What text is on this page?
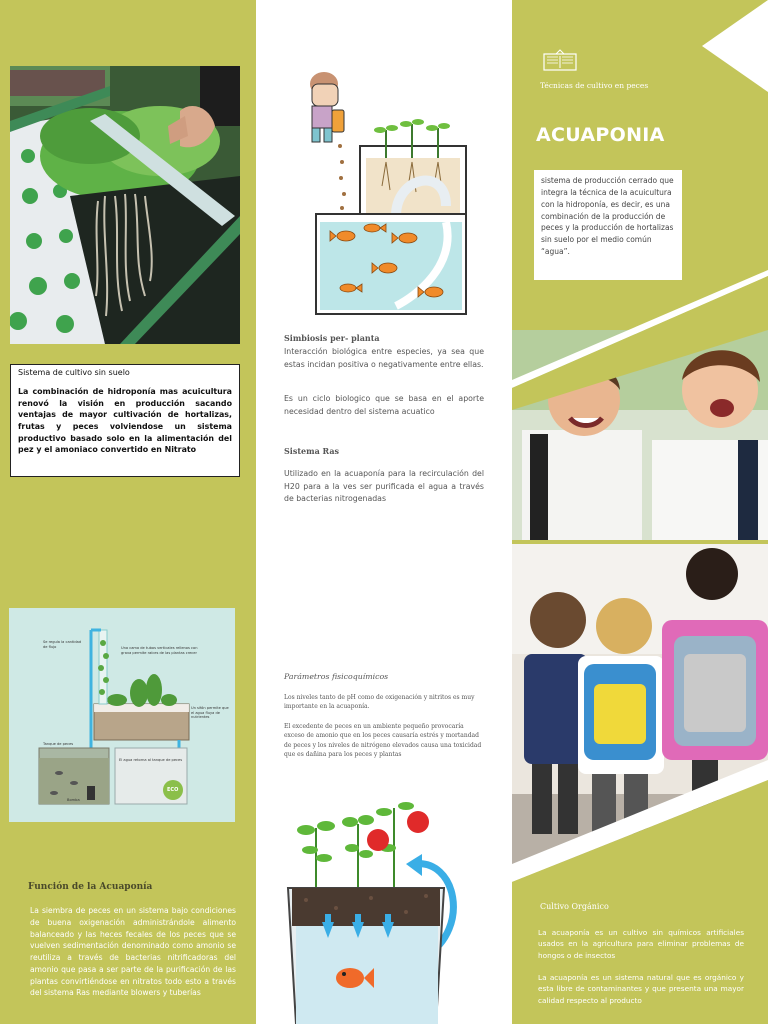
Sistema de cultivo sin suelo
La combinación de hidroponía mas acuicultura renovó la visión en producción sacando ventajas de mayor cultivación de hortalizas, frutas y peces volviendose un sistema productivo basado solo en la alimentación del pez y el amoniaco convertido en Nitrato
Se regula la cantidad de flujo	Una cama de tubos verticales rellenos con grava permite raíces de las plantas crecer
Un sifón permite que el agua fluya de nutrientes
Tanque de peces
Bomba
El agua retorna al tanque de peces
ECO
Función de la Acuaponía
La siembra de peces en un sistema bajo condiciones de buena oxigenación administrándole alimento balanceado y las heces fecales de los peces que se vuelven sedimentación denominado como amonio se reutiliza a través de bacterias nitrificadoras del amonio que pasa a ser parte de la purificación de las plantas convirtiéndose en nitratos todo esto a través del sistema Ras mediante blowers y tuberías
Simbiosis per- planta
Interacción biológica entre especies, ya sea que estas incidan positiva o negativamente entre ellas.
Es un ciclo biologico que se basa en el aporte necesidad dentro del sistema acuatico
Sistema Ras
Utilizado en la acuaponía para la recirculación del H20 para a la ves ser purificada el agua a través de bacterias nitrogenadas
Parámetros fisicoquímicos
Los niveles tanto de pH como de oxigenación y nitritos es muy importante en la acuaponía.
El excedente de peces en un ambiente pequeño provocaría exceso de amonio que en los peces causaría estrés y mortandad de peces y los niveles de nitrógeno elevados causa una toxicidad que es dañina para los peces y plantas
Técnicas de cultivo en peces
ACUAPONIA

sistema de producción cerrado que integra la técnica de la acuicultura con la hidroponía, es decir, es una combinación de la producción de peces y la producción de hortalizas sin suelo por el medio común “agua”.

Cultivo Orgánico
La acuaponía es un cultivo sin químicos artificiales usados en la agricultura para eliminar problemas de hongos o de insectos
La acuaponía es un sistema natural que es orgánico y esta libre de contaminantes y que presenta una mayor calidad respecto al producto
